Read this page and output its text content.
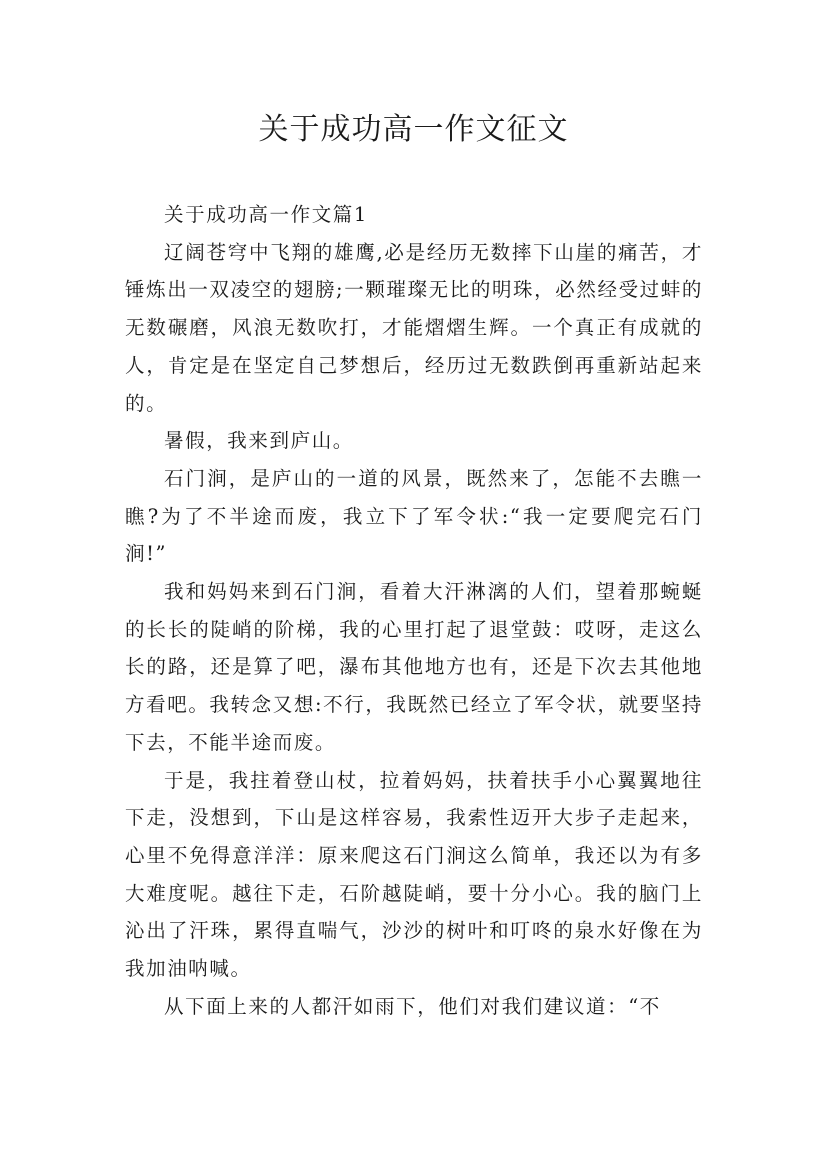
关于成功高一作文征文

关于成功高一作文篇1

辽阔苍穹中飞翔的雄鹰,必是经历无数摔下山崖的痛苦，才锤炼出一双凌空的翅膀;一颗璀璨无比的明珠，必然经受过蚌的无数碾磨，风浪无数吹打，才能熠熠生辉。一个真正有成就的人，肯定是在坚定自己梦想后，经历过无数跌倒再重新站起来的。

暑假，我来到庐山。

石门涧，是庐山的一道的风景，既然来了，怎能不去瞧一瞧?为了不半途而废，我立下了军令状:“我一定要爬完石门涧!”

我和妈妈来到石门涧，看着大汗淋漓的人们，望着那蜿蜒的长长的陡峭的阶梯，我的心里打起了退堂鼓：哎呀，走这么长的路，还是算了吧，瀑布其他地方也有，还是下次去其他地方看吧。我转念又想:不行，我既然已经立了军令状，就要坚持下去，不能半途而废。

于是，我拄着登山杖，拉着妈妈，扶着扶手小心翼翼地往下走，没想到，下山是这样容易，我索性迈开大步子走起来，心里不免得意洋洋：原来爬这石门涧这么简单，我还以为有多大难度呢。越往下走，石阶越陡峭，要十分小心。我的脑门上沁出了汗珠，累得直喘气，沙沙的树叶和叮咚的泉水好像在为我加油呐喊。

从下面上来的人都汗如雨下，他们对我们建议道：“不
